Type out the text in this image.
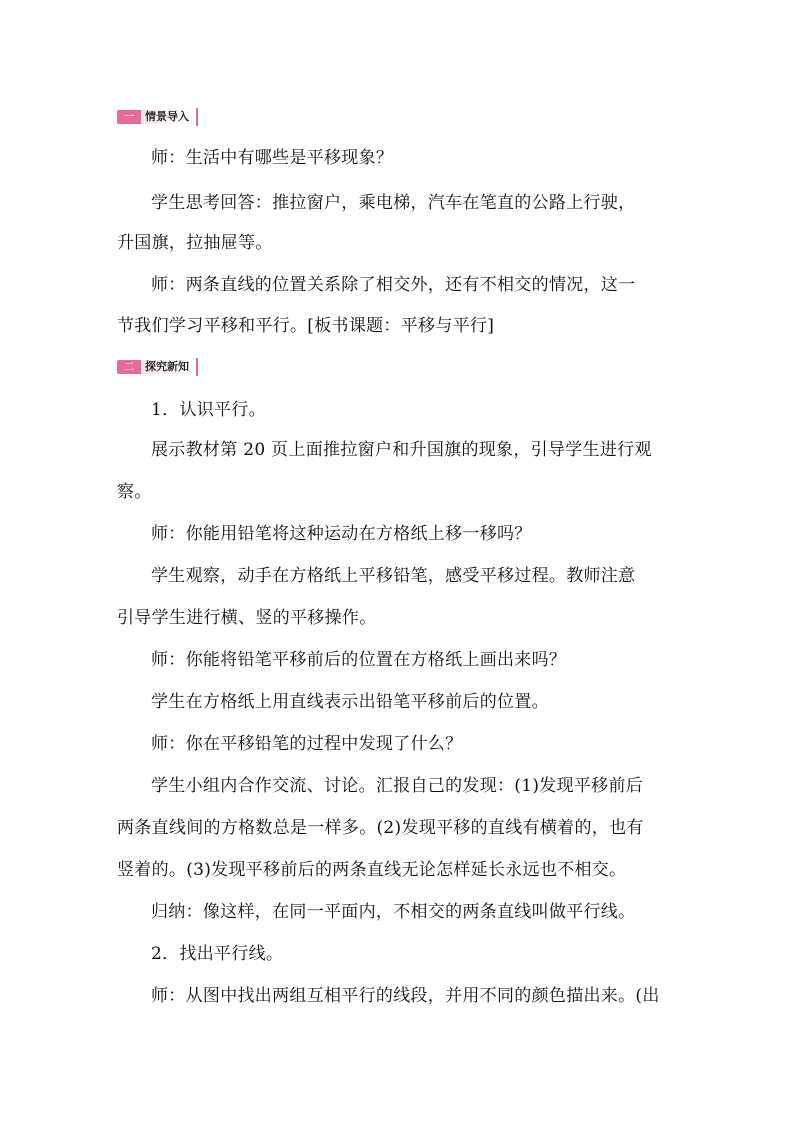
一 情景导入

师：生活中有哪些是平移现象？

学生思考回答：推拉窗户，乘电梯，汽车在笔直的公路上行驶，

升国旗，拉抽屉等。

师：两条直线的位置关系除了相交外，还有不相交的情况，这一

节我们学习平移和平行。[板书课题：平移与平行]

二 探究新知

1．认识平行。

展示教材第 20 页上面推拉窗户和升国旗的现象，引导学生进行观

察。

师：你能用铅笔将这种运动在方格纸上移一移吗？

学生观察，动手在方格纸上平移铅笔，感受平移过程。教师注意

引导学生进行横、竖的平移操作。

师：你能将铅笔平移前后的位置在方格纸上画出来吗？

学生在方格纸上用直线表示出铅笔平移前后的位置。

师：你在平移铅笔的过程中发现了什么？

学生小组内合作交流、讨论。汇报自己的发现：(1)发现平移前后

两条直线间的方格数总是一样多。(2)发现平移的直线有横着的，也有

竖着的。(3)发现平移前后的两条直线无论怎样延长永远也不相交。

归纳：像这样，在同一平面内，不相交的两条直线叫做平行线。

2．找出平行线。

师：从图中找出两组互相平行的线段，并用不同的颜色描出来。(出
